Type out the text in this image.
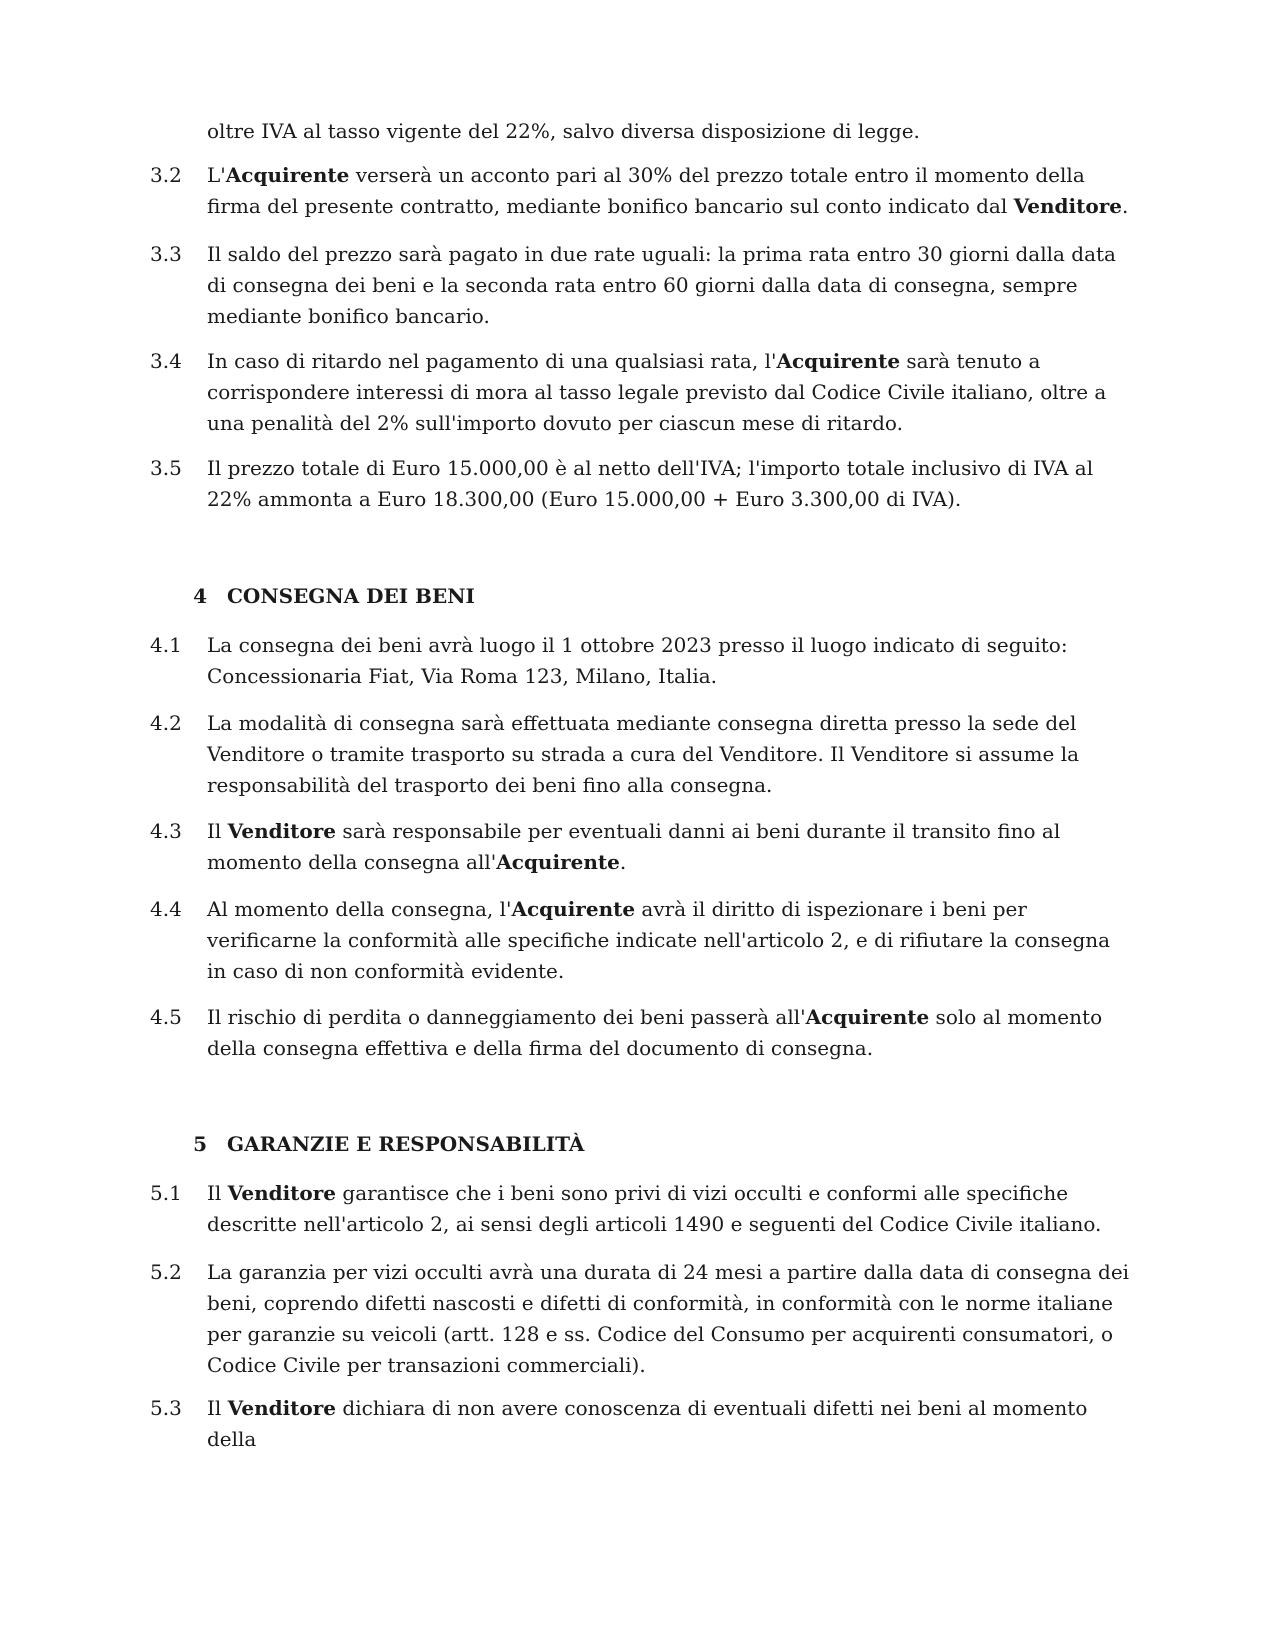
oltre IVA al tasso vigente del 22%, salvo diversa disposizione di legge.

3.2	L'Acquirente verserà un acconto pari al 30% del prezzo totale entro il momento della firma del presente contratto, mediante bonifico bancario sul conto indicato dal Venditore.
3.3	Il saldo del prezzo sarà pagato in due rate uguali: la prima rata entro 30 giorni dalla data di consegna dei beni e la seconda rata entro 60 giorni dalla data di consegna, sempre mediante bonifico bancario.
3.4	In caso di ritardo nel pagamento di una qualsiasi rata, l'Acquirente sarà tenuto a corrispondere interessi di mora al tasso legale previsto dal Codice Civile italiano, oltre a una penalità del 2% sull'importo dovuto per ciascun mese di ritardo.
3.5	Il prezzo totale di Euro 15.000,00 è al netto dell'IVA; l'importo totale inclusivo di IVA al 22% ammonta a Euro 18.300,00 (Euro 15.000,00 + Euro 3.300,00 di IVA).
4	CONSEGNA DEI BENI
4.1	La consegna dei beni avrà luogo il 1 ottobre 2023 presso il luogo indicato di seguito: Concessionaria Fiat, Via Roma 123, Milano, Italia.
4.2	La modalità di consegna sarà effettuata mediante consegna diretta presso la sede del Venditore o tramite trasporto su strada a cura del Venditore. Il Venditore si assume la responsabilità del trasporto dei beni fino alla consegna.
4.3	Il Venditore sarà responsabile per eventuali danni ai beni durante il transito fino al momento della consegna all'Acquirente.
4.4	Al momento della consegna, l'Acquirente avrà il diritto di ispezionare i beni per verificarne la conformità alle specifiche indicate nell'articolo 2, e di rifiutare la consegna in caso di non conformità evidente.
4.5	Il rischio di perdita o danneggiamento dei beni passerà all'Acquirente solo al momento della consegna effettiva e della firma del documento di consegna.
5	GARANZIE E RESPONSABILITÀ
5.1	Il Venditore garantisce che i beni sono privi di vizi occulti e conformi alle specifiche descritte nell'articolo 2, ai sensi degli articoli 1490 e seguenti del Codice Civile italiano.
5.2	La garanzia per vizi occulti avrà una durata di 24 mesi a partire dalla data di consegna dei beni, coprendo difetti nascosti e difetti di conformità, in conformità con le norme italiane per garanzie su veicoli (artt. 128 e ss. Codice del Consumo per acquirenti consumatori, o Codice Civile per transazioni commerciali).
5.3	Il Venditore dichiara di non avere conoscenza di eventuali difetti nei beni al momento della
